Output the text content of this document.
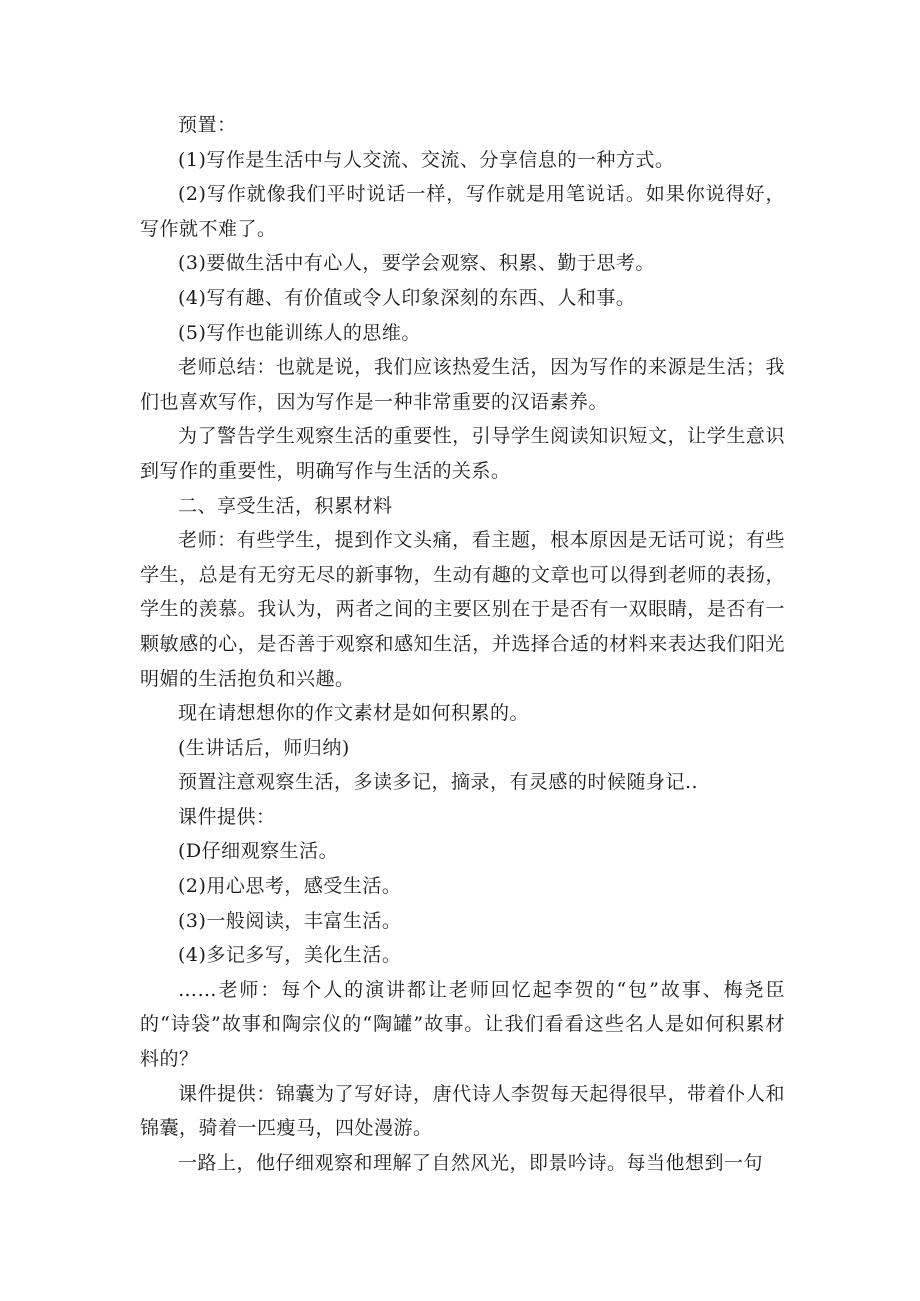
预置：

(1)写作是生活中与人交流、交流、分享信息的一种方式。

(2)写作就像我们平时说话一样，写作就是用笔说话。如果你说得好，写作就不难了。

(3)要做生活中有心人，要学会观察、积累、勤于思考。

(4)写有趣、有价值或令人印象深刻的东西、人和事。

(5)写作也能训练人的思维。

老师总结：也就是说，我们应该热爱生活，因为写作的来源是生活；我们也喜欢写作，因为写作是一种非常重要的汉语素养。

为了警告学生观察生活的重要性，引导学生阅读知识短文，让学生意识到写作的重要性，明确写作与生活的关系。

二、享受生活，积累材料

老师：有些学生，提到作文头痛，看主题，根本原因是无话可说；有些学生，总是有无穷无尽的新事物，生动有趣的文章也可以得到老师的表扬，学生的羡慕。我认为，两者之间的主要区别在于是否有一双眼睛，是否有一颗敏感的心，是否善于观察和感知生活，并选择合适的材料来表达我们阳光明媚的生活抱负和兴趣。

现在请想想你的作文素材是如何积累的。

(生讲话后，师归纳)

预置注意观察生活，多读多记，摘录，有灵感的时候随身记..

课件提供：

(D仔细观察生活。

(2)用心思考，感受生活。

(3)一般阅读，丰富生活。

(4)多记多写，美化生活。

……老师：每个人的演讲都让老师回忆起李贺的“包”故事、梅尧臣的“诗袋”故事和陶宗仪的“陶罐”故事。让我们看看这些名人是如何积累材料的？

课件提供：锦囊为了写好诗，唐代诗人李贺每天起得很早，带着仆人和锦囊，骑着一匹瘦马，四处漫游。

一路上，他仔细观察和理解了自然风光，即景吟诗。每当他想到一句
